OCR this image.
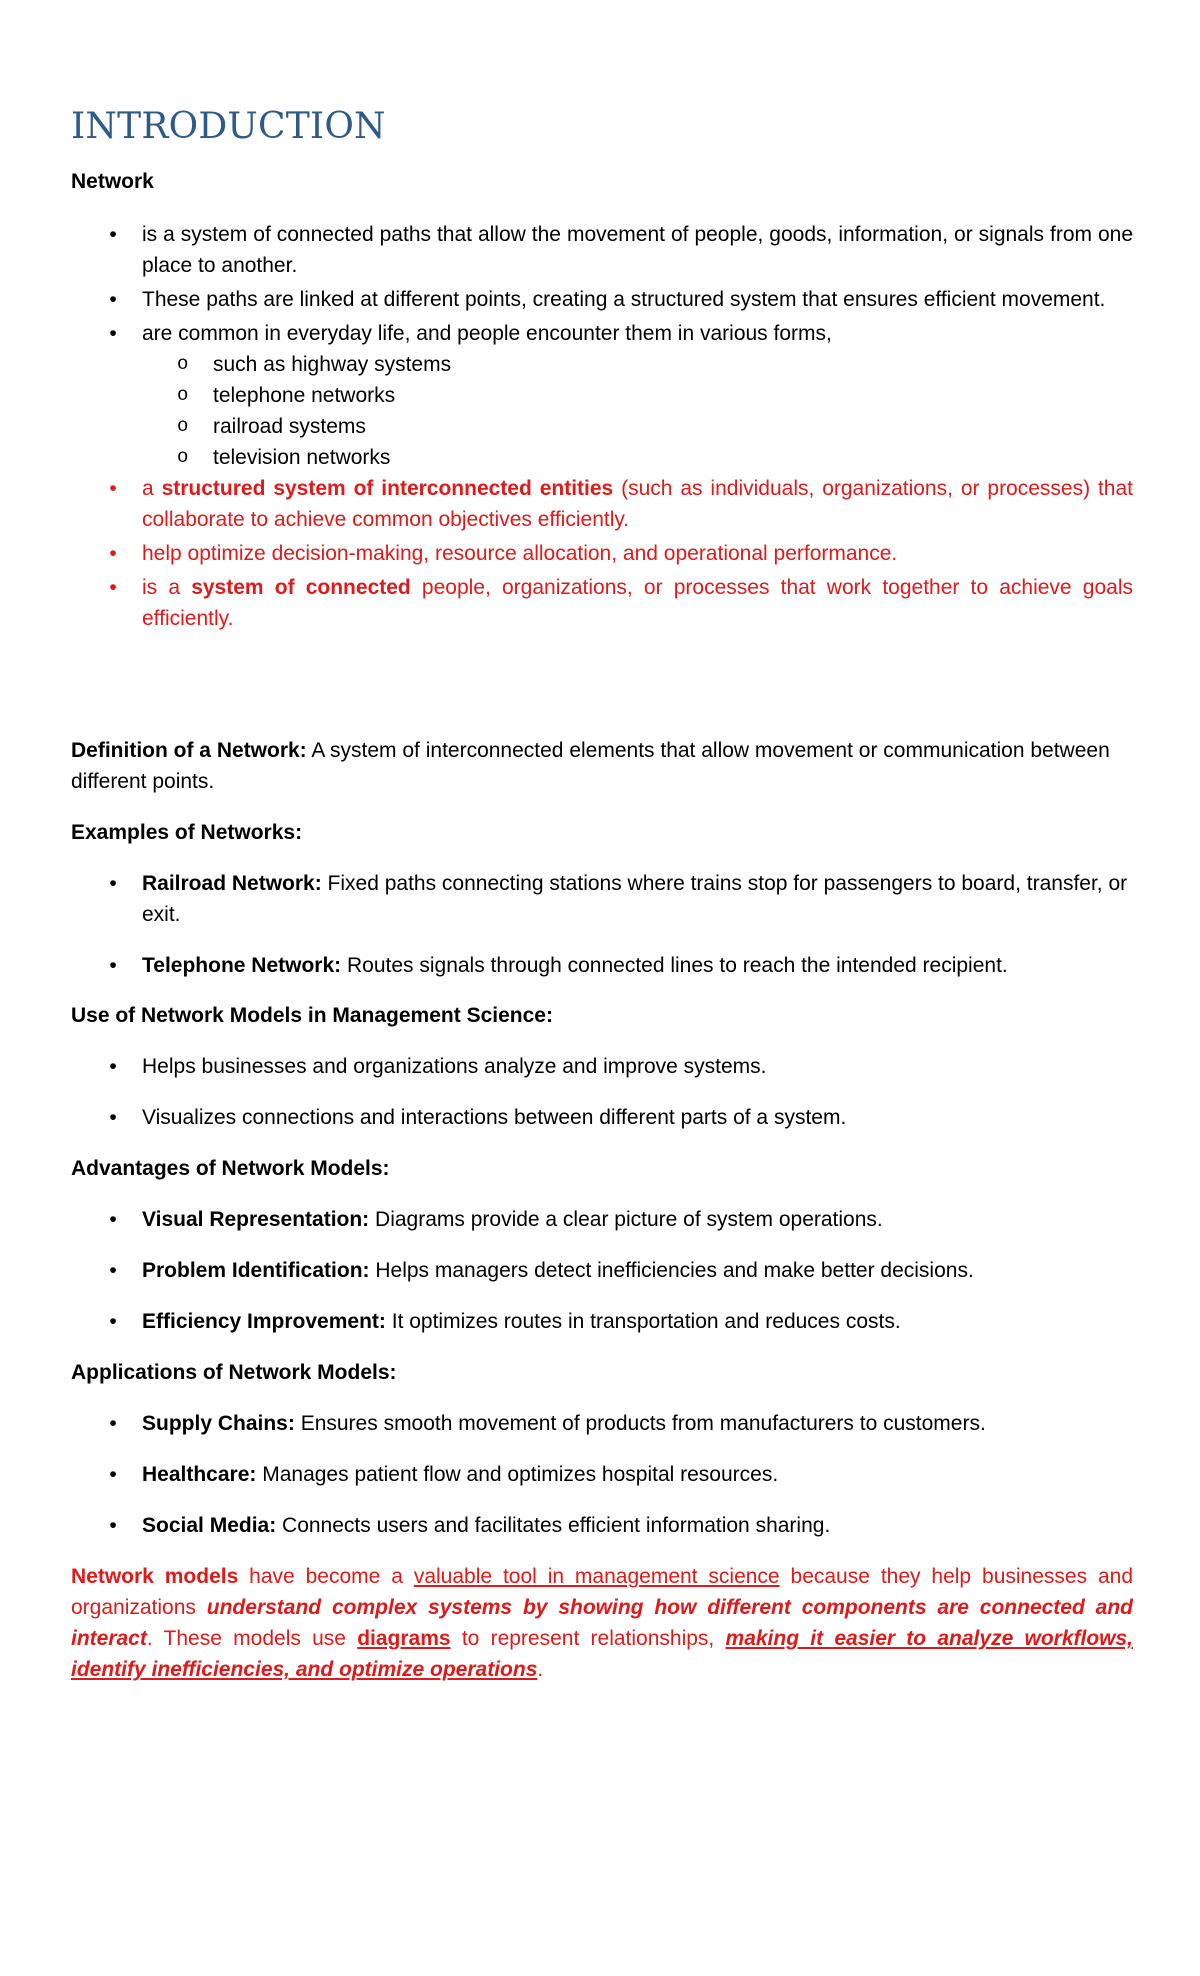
INTRODUCTION

Network

• is a system of connected paths that allow the movement of people, goods, information, or signals from one place to another.
• These paths are linked at different points, creating a structured system that ensures efficient movement.
• are common in everyday life, and people encounter them in various forms,
o such as highway systems
o telephone networks
o railroad systems
o television networks
• a structured system of interconnected entities (such as individuals, organizations, or processes) that collaborate to achieve common objectives efficiently.
• help optimize decision-making, resource allocation, and operational performance.
• is a system of connected people, organizations, or processes that work together to achieve goals efficiently.

Definition of a Network: A system of interconnected elements that allow movement or communication between different points.

Examples of Networks:

• Railroad Network: Fixed paths connecting stations where trains stop for passengers to board, transfer, or exit.
• Telephone Network: Routes signals through connected lines to reach the intended recipient.

Use of Network Models in Management Science:

• Helps businesses and organizations analyze and improve systems.
• Visualizes connections and interactions between different parts of a system.

Advantages of Network Models:

• Visual Representation: Diagrams provide a clear picture of system operations.
• Problem Identification: Helps managers detect inefficiencies and make better decisions.
• Efficiency Improvement: It optimizes routes in transportation and reduces costs.

Applications of Network Models:

• Supply Chains: Ensures smooth movement of products from manufacturers to customers.
• Healthcare: Manages patient flow and optimizes hospital resources.
• Social Media: Connects users and facilitates efficient information sharing.

Network models have become a valuable tool in management science because they help businesses and organizations understand complex systems by showing how different components are connected and interact. These models use diagrams to represent relationships, making it easier to analyze workflows, identify inefficiencies, and optimize operations.
